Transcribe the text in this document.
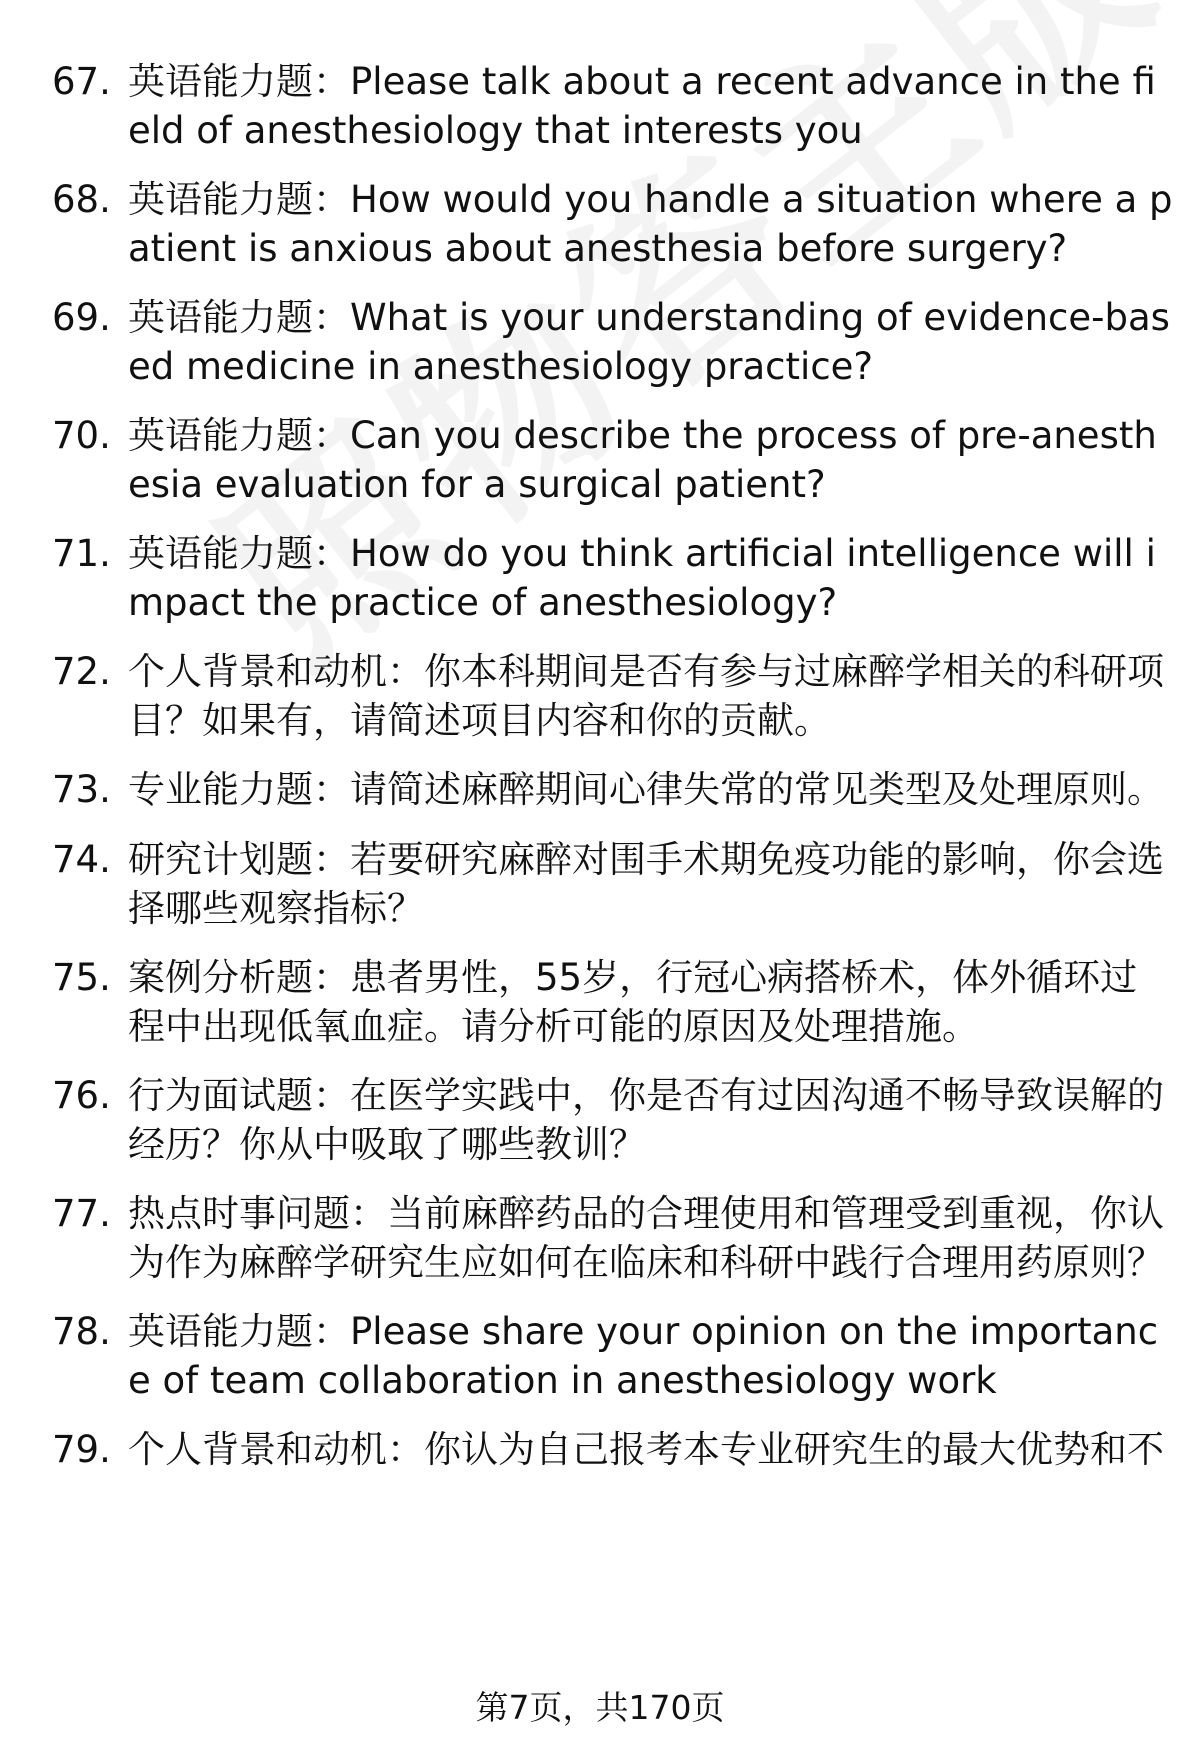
67. 英语能力题：Please talk about a recent advance in the field of anesthesiology that interests you
68. 英语能力题：How would you handle a situation where a patient is anxious about anesthesia before surgery?
69. 英语能力题：What is your understanding of evidence-based medicine in anesthesiology practice?
70. 英语能力题：Can you describe the process of pre-anesthesia evaluation for a surgical patient?
71. 英语能力题：How do you think artificial intelligence will impact the practice of anesthesiology?
72. 个人背景和动机：你本科期间是否有参与过麻醉学相关的科研项目？如果有，请简述项目内容和你的贡献。
73. 专业能力题：请简述麻醉期间心律失常的常见类型及处理原则。
74. 研究计划题：若要研究麻醉对围手术期免疫功能的影响，你会选择哪些观察指标？
75. 案例分析题：患者男性，55岁，行冠心病搭桥术，体外循环过程中出现低氧血症。请分析可能的原因及处理措施。
76. 行为面试题：在医学实践中，你是否有过因沟通不畅导致误解的经历？你从中吸取了哪些教训？
77. 热点时事问题：当前麻醉药品的合理使用和管理受到重视，你认为作为麻醉学研究生应如何在临床和科研中践行合理用药原则？
78. 英语能力题：Please share your opinion on the importance of team collaboration in anesthesiology work
79. 个人背景和动机：你认为自己报考本专业研究生的最大优势和不
第7页，共170页
